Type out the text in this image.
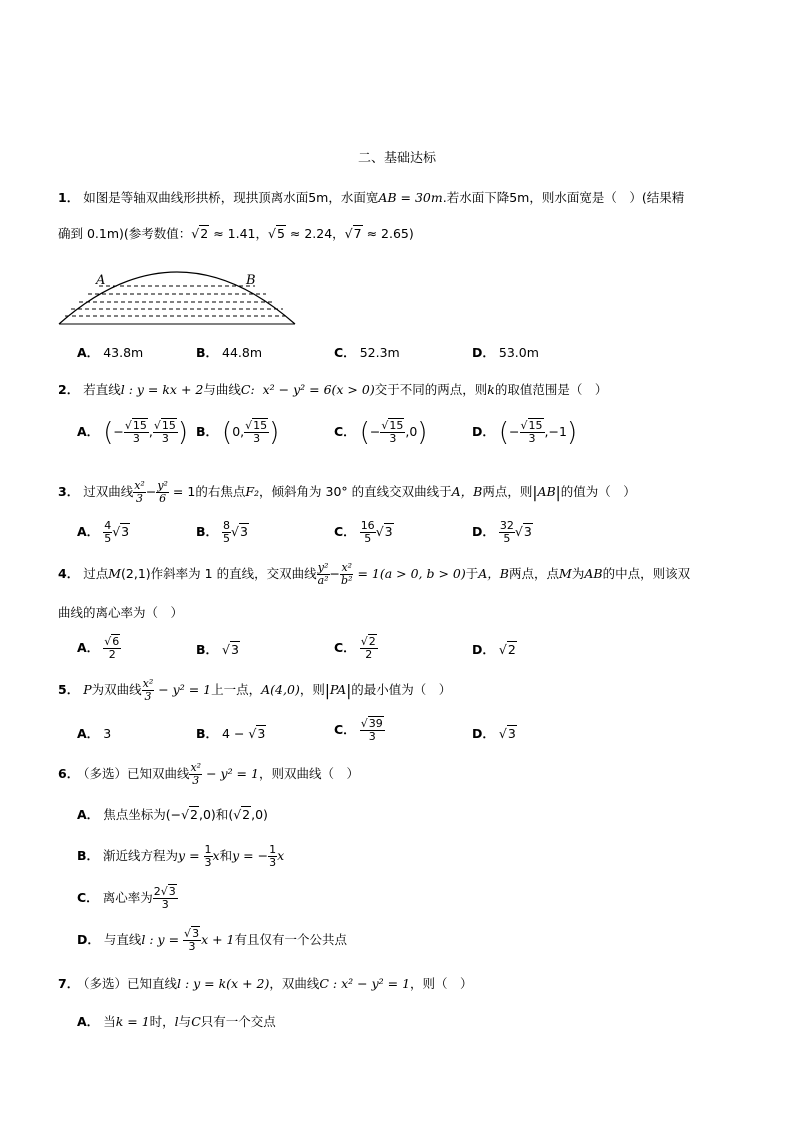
二、基础达标
1． 如图是等轴双曲线形拱桥，现拱顶离水面5m，水面宽AB = 30m.若水面下降5m，则水面宽是（　）(结果精
确到 0.1m)(参考数值：√2 ≈ 1.41，√5 ≈ 2.24，√7 ≈ 2.65)
A	B
A． 43.8m	B． 44.8m	C． 52.3m	D． 53.0m
2． 若直线l : y = kx + 2与曲线C: x² − y² = 6(x > 0)交于不同的两点，则k的取值范围是（　）
A． (− $\frac{√15}{3}$ , $\frac{√15}{3}$ ) B． (0, $\frac{√15}{3}$ )	C． (− $\frac{√15}{3} ,0$)	D． (− $\frac{√15}{3} ,-1$)
3． 过双曲线 $\frac{\text{x²}}{3} - \frac{\text{y²}}{6} = 1$的右焦点F₂，倾斜角为 30° 的直线交双曲线于A，B两点，则|AB|的值为（　）
A． $\frac{4}{5} √3$	B． $\frac{8}{5} √3$	C． $\frac{16}{5} √3$	D． $\frac{32}{5} √3$
4． 过点M(2,1)作斜率为 1 的直线，交双曲线 $\frac{\text{y²}}{\text{a²}} - \frac{\text{x²}}{\text{b²}} = 1(a > 0$, b > 0)于A，B两点，点M为AB的中点，则该双
曲线的离心率为（　）
A． $\frac{√6}{2}$	B． √3	C． $\frac{√2}{2}$	D． √2
5． P为双曲线 $\frac{\text{x²}}{3} - y^2 = 1$上一点，A(4,0)，则|PA|的最小值为（　）
A． 3	B． 4 − √3	C． $\frac{√39}{3}$	D． √3
6． （多选）已知双曲线 $\frac{\text{x²}}{3} - y^2 = 1$，则双曲线（　）
A． 焦点坐标为(−√2,0)和(√2,0)
B． 渐近线方程为$y = \frac{1}{3}$ x和y = − $\frac{1}{3}$ x
C． 离心率为 $\frac{2√3}{3}$
D． 与直线l : $y = \frac{√3}{3}$ x + 1有且仅有一个公共点
7． （多选）已知直线l : y = k(x + 2)，双曲线C : x² − y² = 1，则（　）
A． 当k = 1时，l与C只有一个交点
